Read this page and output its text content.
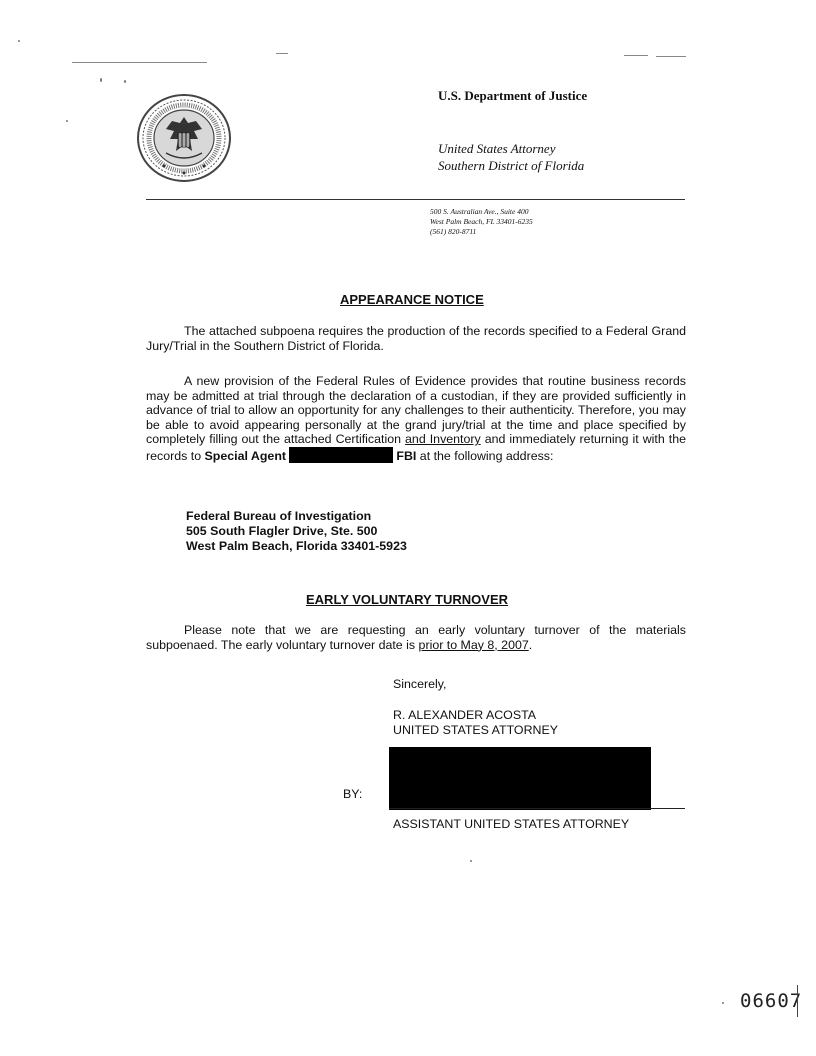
U.S. Department of Justice
United States Attorney
Southern District of Florida
500 S. Australian Ave., Suite 400
West Palm Beach, FL 33401-6235
(561) 820-8711
APPEARANCE NOTICE

The attached subpoena requires the production of the records specified to a Federal Grand Jury/Trial in the Southern District of Florida.

A new provision of the Federal Rules of Evidence provides that routine business records may be admitted at trial through the declaration of a custodian, if they are provided sufficiently in advance of trial to allow an opportunity for any challenges to their authenticity. Therefore, you may be able to avoid appearing personally at the grand jury/trial at the time and place specified by completely filling out the attached Certification and Inventory and immediately returning it with the records to Special Agent	FBI at the following address:

Federal Bureau of Investigation
505 South Flagler Drive, Ste. 500
West Palm Beach, Florida 33401-5923
EARLY VOLUNTARY TURNOVER

Please note that we are requesting an early voluntary turnover of the materials subpoenaed. The early voluntary turnover date is prior to May 8, 2007.

Sincerely,
R. ALEXANDER ACOSTA
UNITED STATES ATTORNEY
BY:
ASSISTANT UNITED STATES ATTORNEY
06607
